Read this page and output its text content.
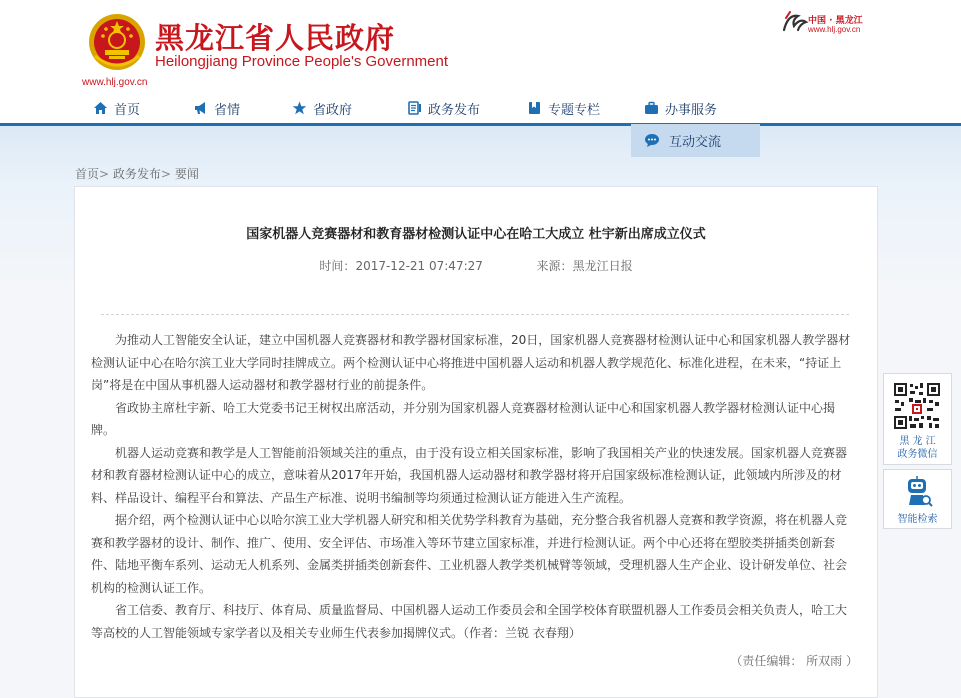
黑龙江省人民政府
Heilongjiang Province People's Government
www.hlj.gov.cn
中国 · 黑龙江
www.hlj.gov.cn
首页	省情	省政府	政务发布	专题专栏	办事服务
互动交流
首页> 政务发布> 要闻
国家机器人竞赛器材和教育器材检测认证中心在哈工大成立 杜宇新出席成立仪式
时间：2017-12-21 07:47:27	来源：黑龙江日报

为推动人工智能安全认证，建立中国机器人竞赛器材和教学器材国家标准，20日，国家机器人竞赛器材检测认证中心和国家机器人教学器材检测认证中心在哈尔滨工业大学同时挂牌成立。两个检测认证中心将推进中国机器人运动和机器人教学规范化、标准化进程，在未来，“持证上岗”将是在中国从事机器人运动器材和教学器材行业的前提条件。

省政协主席杜宇新、哈工大党委书记王树权出席活动，并分别为国家机器人竞赛器材检测认证中心和国家机器人教学器材检测认证中心揭牌。

机器人运动竞赛和教学是人工智能前沿领域关注的重点，由于没有设立相关国家标准，影响了我国相关产业的快速发展。国家机器人竞赛器材和教育器材检测认证中心的成立，意味着从2017年开始，我国机器人运动器材和教学器材将开启国家级标准检测认证，此领域内所涉及的材料、样品设计、编程平台和算法、产品生产标准、说明书编制等均须通过检测认证方能进入生产流程。

据介绍，两个检测认证中心以哈尔滨工业大学机器人研究和相关优势学科教育为基础，充分整合我省机器人竞赛和教学资源，将在机器人竞赛和教学器材的设计、制作、推广、使用、安全评估、市场准入等环节建立国家标准，并进行检测认证。两个中心还将在塑胶类拼插类创新套件、陆地平衡车系列、运动无人机系列、金属类拼插类创新套件、工业机器人教学类机械臂等领域，受理机器人生产企业、设计研发单位、社会机构的检测认证工作。

省工信委、教育厅、科技厅、体育局、质量监督局、中国机器人运动工作委员会和全国学校体育联盟机器人工作委员会相关负责人，哈工大等高校的人工智能领域专家学者以及相关专业师生代表参加揭牌仪式。（作者：兰锐 衣春翔）

（责任编辑： 所双雨 ）
黑 龙 江
政务微信
智能检索
